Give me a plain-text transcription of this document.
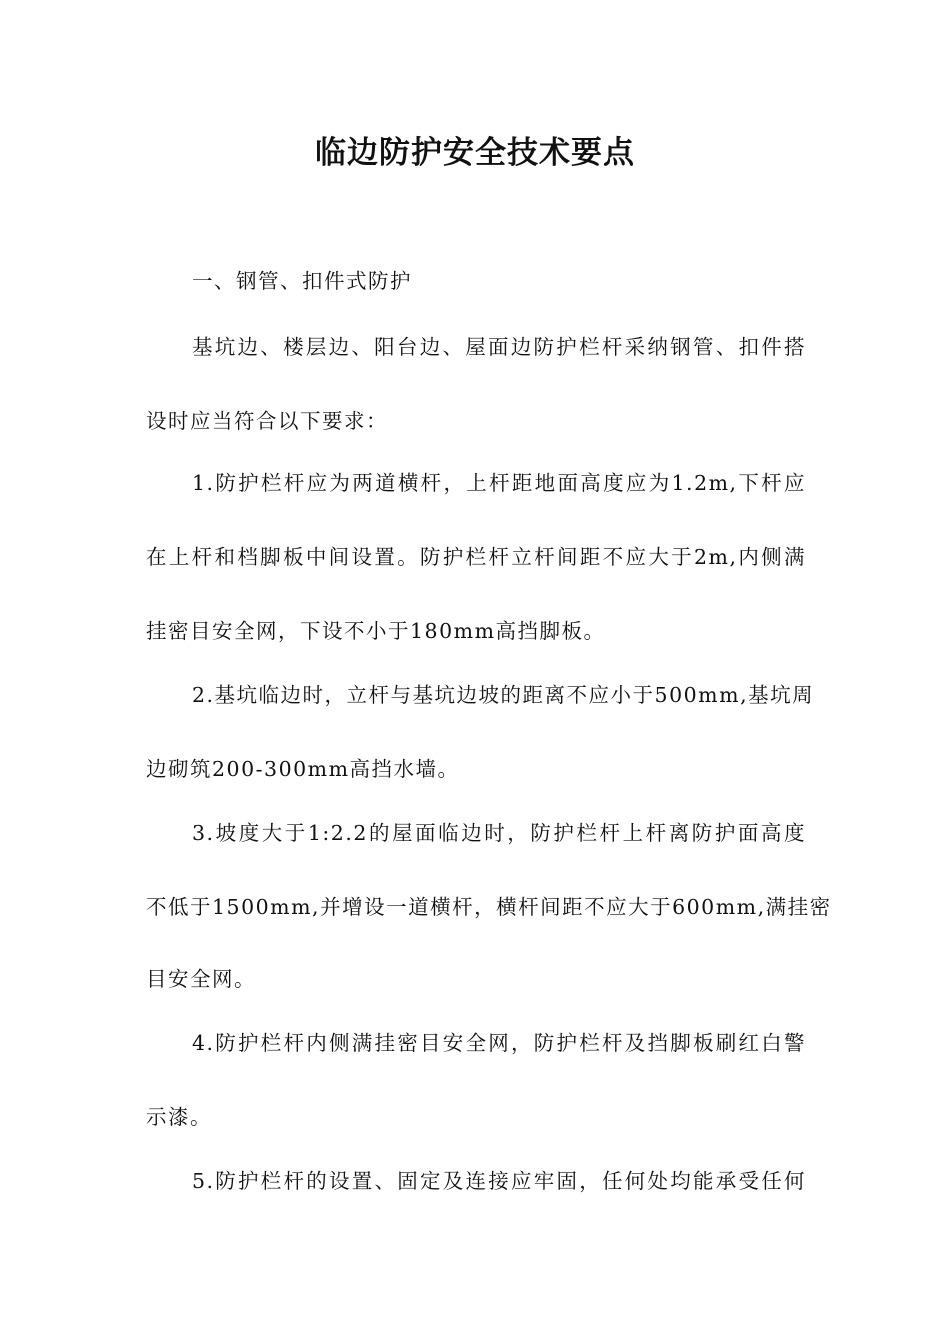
临边防护安全技术要点
一、钢管、扣件式防护
基坑边、楼层边、阳台边、屋面边防护栏杆采纳钢管、扣件搭
设时应当符合以下要求：
1.防护栏杆应为两道横杆，上杆距地面高度应为1.2m,下杆应
在上杆和档脚板中间设置。防护栏杆立杆间距不应大于2m,内侧满
挂密目安全网，下设不小于180mm高挡脚板。
2.基坑临边时，立杆与基坑边坡的距离不应小于500mm,基坑周
边砌筑200-300mm高挡水墙。
3.坡度大于1:2.2的屋面临边时，防护栏杆上杆离防护面高度
不低于1500mm,并增设一道横杆，横杆间距不应大于600mm,满挂密
目安全网。
4.防护栏杆内侧满挂密目安全网，防护栏杆及挡脚板刷红白警
示漆。
5.防护栏杆的设置、固定及连接应牢固，任何处均能承受任何
